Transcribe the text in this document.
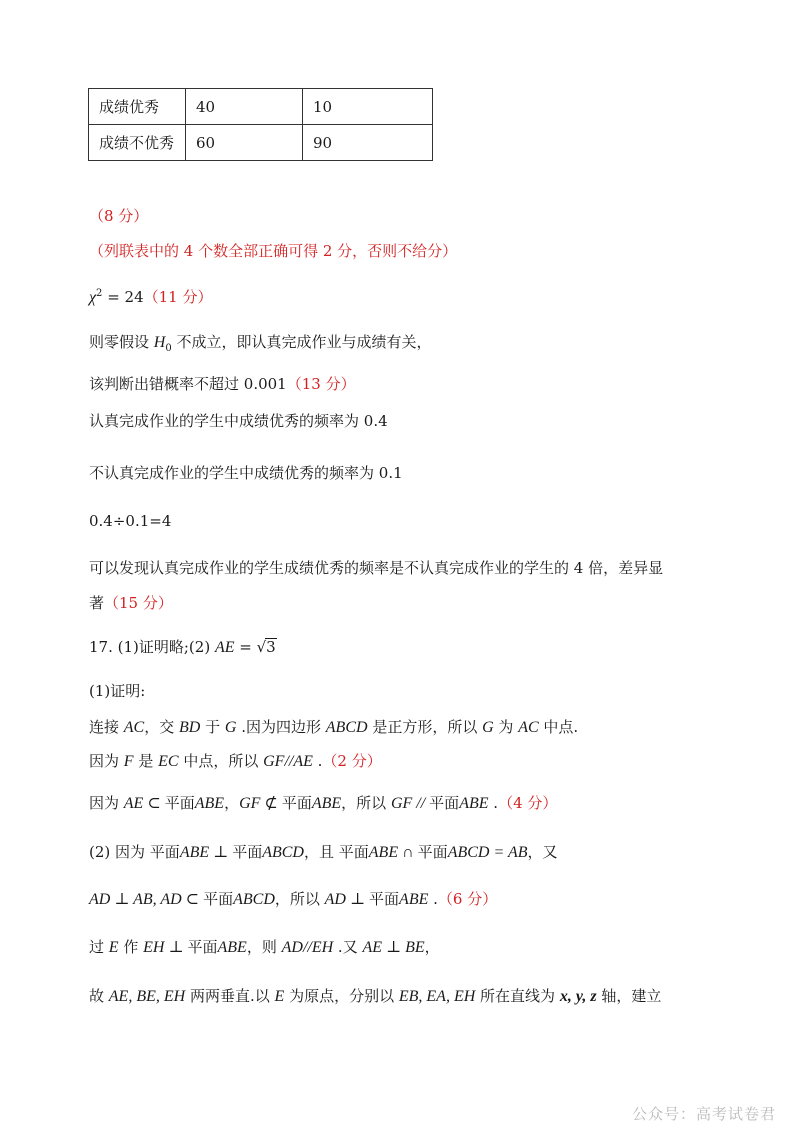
成绩优秀	40	10
成绩不优秀	60	90
（8 分）
（列联表中的 4 个数全部正确可得 2 分，否则不给分）
$\chi^2 = 24(11$ 分）
则零假设 $H_0$ 不成立，即认真完成作业与成绩有关，
该判断出错概率不超过 0.001（13 分）
认真完成作业的学生中成绩优秀的频率为 0.4
不认真完成作业的学生中成绩优秀的频率为 0.1
0.4÷0.1=4
可以发现认真完成作业的学生成绩优秀的频率是不认真完成作业的学生的 4 倍，差异显
著（15 分）
17. (1)证明略;(2) AE = √3
(1)证明:
连接 AC，交 BD 于 G .因为四边形 ABCD 是正方形，所以 G 为 AC 中点.
因为 F 是 EC 中点，所以 GF//AE .（2 分）
因为 AE ⊂ 平面ABE，GF ⊄ 平面ABE，所以 GF // 平面ABE .（4 分）
(2) 因为 平面ABE ⊥ 平面ABCD，且 平面ABE ∩ 平面ABCD = AB，又
AD ⊥ AB, AD ⊂ 平面ABCD，所以 AD ⊥ 平面ABE .（6 分）
过 E 作 EH ⊥ 平面ABE，则 AD//EH .又 AE ⊥ BE，
故 AE, BE, EH 两两垂直.以 E 为原点，分别以 EB, EA, EH 所在直线为 x, y, z 轴，建立
公众号：高考试卷君
